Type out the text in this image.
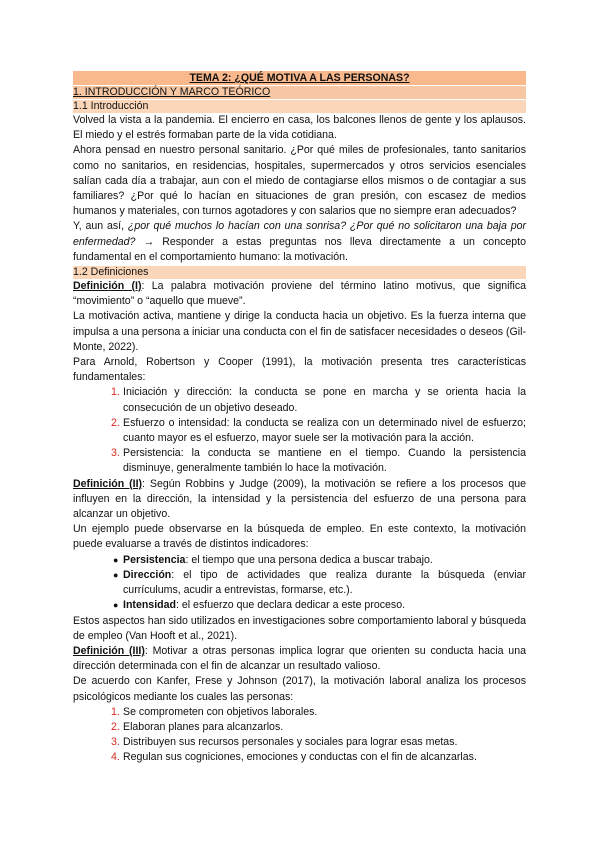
TEMA 2: ¿QUÉ MOTIVA A LAS PERSONAS?
1. INTRODUCCIÓN Y MARCO TEÓRICO
1.1 Introducción

Volved la vista a la pandemia. El encierro en casa, los balcones llenos de gente y los aplausos. El miedo y el estrés formaban parte de la vida cotidiana.

Ahora pensad en nuestro personal sanitario. ¿Por qué miles de profesionales, tanto sanitarios como no sanitarios, en residencias, hospitales, supermercados y otros servicios esenciales salían cada día a trabajar, aun con el miedo de contagiarse ellos mismos o de contagiar a sus familiares? ¿Por qué lo hacían en situaciones de gran presión, con escasez de medios humanos y materiales, con turnos agotadores y con salarios que no siempre eran adecuados?

Y, aun así, ¿por qué muchos lo hacían con una sonrisa? ¿Por qué no solicitaron una baja por enfermedad? → Responder a estas preguntas nos lleva directamente a un concepto fundamental en el comportamiento humano: la motivación.

1.2 Definiciones

Definición (I): La palabra motivación proviene del término latino motivus, que significa “movimiento” o “aquello que mueve”.

La motivación activa, mantiene y dirige la conducta hacia un objetivo. Es la fuerza interna que impulsa a una persona a iniciar una conducta con el fin de satisfacer necesidades o deseos (Gil-Monte, 2022).

Para Arnold, Robertson y Cooper (1991), la motivación presenta tres características fundamentales:

1. Iniciación y dirección: la conducta se pone en marcha y se orienta hacia la consecución de un objetivo deseado.
2. Esfuerzo o intensidad: la conducta se realiza con un determinado nivel de esfuerzo; cuanto mayor es el esfuerzo, mayor suele ser la motivación para la acción.
3. Persistencia: la conducta se mantiene en el tiempo. Cuando la persistencia disminuye, generalmente también lo hace la motivación.

Definición (II): Según Robbins y Judge (2009), la motivación se refiere a los procesos que influyen en la dirección, la intensidad y la persistencia del esfuerzo de una persona para alcanzar un objetivo.

Un ejemplo puede observarse en la búsqueda de empleo. En este contexto, la motivación puede evaluarse a través de distintos indicadores:

● Persistencia: el tiempo que una persona dedica a buscar trabajo.
● Dirección: el tipo de actividades que realiza durante la búsqueda (enviar currículums, acudir a entrevistas, formarse, etc.).
● Intensidad: el esfuerzo que declara dedicar a este proceso.

Estos aspectos han sido utilizados en investigaciones sobre comportamiento laboral y búsqueda de empleo (Van Hooft et al., 2021).

Definición (III): Motivar a otras personas implica lograr que orienten su conducta hacia una dirección determinada con el fin de alcanzar un resultado valioso.

De acuerdo con Kanfer, Frese y Johnson (2017), la motivación laboral analiza los procesos psicológicos mediante los cuales las personas:

1. Se comprometen con objetivos laborales.
2. Elaboran planes para alcanzarlos.
3. Distribuyen sus recursos personales y sociales para lograr esas metas.
4. Regulan sus cogniciones, emociones y conductas con el fin de alcanzarlas.
